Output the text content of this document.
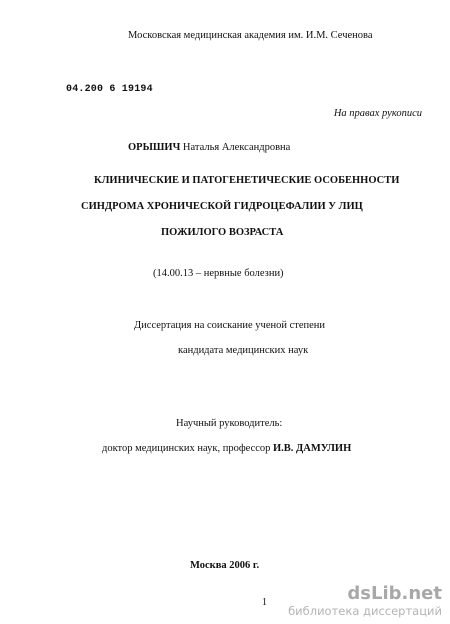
Московская медицинская академия им. И.М. Сеченова
04.200 6 19194
На правах рукописи
ОРЫШИЧ Наталья Александровна
КЛИНИЧЕСКИЕ И ПАТОГЕНЕТИЧЕСКИЕ ОСОБЕННОСТИ
СИНДРОМА ХРОНИЧЕСКОЙ ГИДРОЦЕФАЛИИ У ЛИЦ
ПОЖИЛОГО ВОЗРАСТА
(14.00.13 – нервные болезни)
Диссертация на соискание ученой степени
кандидата медицинских наук
Научный руководитель:
доктор медицинских наук, профессор И.В. ДАМУЛИН
Москва 2006 г.
1	dsLib.net
библиотека диссертаций
